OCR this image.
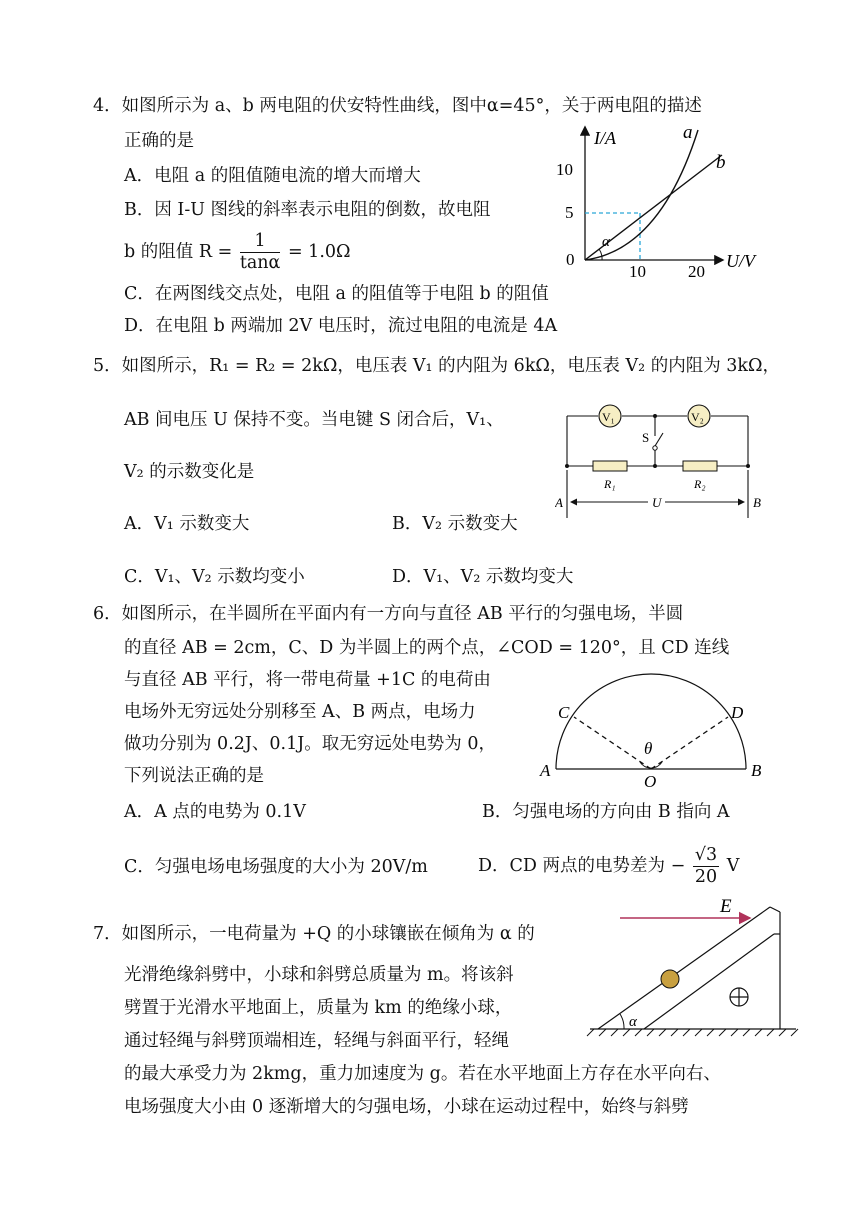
4．如图所示为 a、b 两电阻的伏安特性曲线，图中α=45°，关于两电阻的描述
正确的是
A．电阻 a 的阻值随电流的增大而增大
B．因 I-U 图线的斜率表示电阻的倒数，故电阻
b 的阻值 $R = \frac{1}{\tan\alpha} = 1.0\Omega$
C．在两图线交点处，电阻 a 的阻值等于电阻 b 的阻值
D．在电阻 b 两端加 2V 电压时，流过电阻的电流是 4A
I/A
U/V
0
10
5
10 20
α
a
b
5．如图所示，R₁ = R₂ = 2kΩ，电压表 V₁ 的内阻为 6kΩ，电压表 V₂ 的内阻为 3kΩ，
AB 间电压 U 保持不变。当电键 S 闭合后，V₁、
V₂ 的示数变化是
A．V₁ 示数变大	B．V₂ 示数变大
C．V₁、V₂ 示数均变小	D．V₁、V₂ 示数均变大
V₁	V₂
S
R₁	R₂
U
A	B
6．如图所示，在半圆所在平面内有一方向与直径 AB 平行的匀强电场，半圆
的直径 AB = 2cm，C、D 为半圆上的两个点，∠COD = 120°，且 CD 连线
与直径 AB 平行，将一带电荷量 +1C 的电荷由
电场外无穷远处分别移至 A、B 两点，电场力
做功分别为 0.2J、0.1J。取无穷远处电势为 0，
下列说法正确的是
A．A 点的电势为 0.1V	B．匀强电场的方向由 B 指向 A
C．匀强电场电场强度的大小为 20V/m	D．CD 两点的电势差为 − $\frac{√3}{20}$ V
θ
O
A	B
C	D
7．如图所示，一电荷量为 +Q 的小球镶嵌在倾角为 α 的
光滑绝缘斜劈中，小球和斜劈总质量为 m。将该斜
劈置于光滑水平地面上，质量为 km 的绝缘小球，
通过轻绳与斜劈顶端相连，轻绳与斜面平行，轻绳
的最大承受力为 2kmg，重力加速度为 g。若在水平地面上方存在水平向右、
电场强度大小由 0 逐渐增大的匀强电场，小球在运动过程中，始终与斜劈
E
α
